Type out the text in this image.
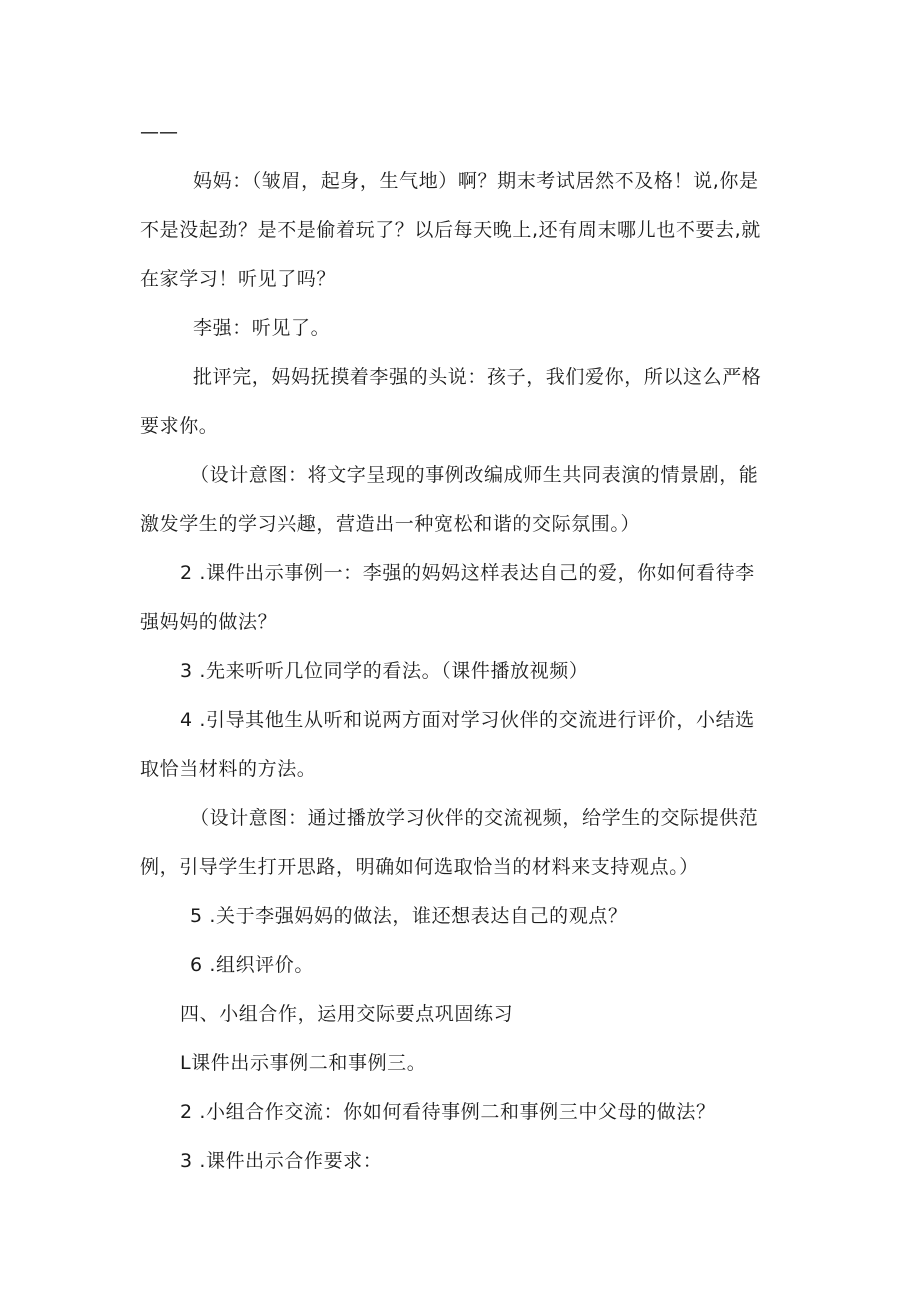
——
妈妈：（皱眉，起身，生气地）啊？期末考试居然不及格！说,你是
不是没起劲？是不是偷着玩了？以后每天晚上,还有周末哪儿也不要去,就
在家学习！听见了吗？
李强：听见了。
批评完，妈妈抚摸着李强的头说：孩子，我们爱你，所以这么严格
要求你。
（设计意图：将文字呈现的事例改编成师生共同表演的情景剧，能
激发学生的学习兴趣，营造出一种宽松和谐的交际氛围。）
2 .课件出示事例一：李强的妈妈这样表达自己的爱，你如何看待李
强妈妈的做法？
3 .先来听听几位同学的看法。（课件播放视频）
4 .引导其他生从听和说两方面对学习伙伴的交流进行评价，小结选
取恰当材料的方法。
（设计意图：通过播放学习伙伴的交流视频，给学生的交际提供范
例，引导学生打开思路，明确如何选取恰当的材料来支持观点。）
5 .关于李强妈妈的做法，谁还想表达自己的观点？
6 .组织评价。
四、小组合作，运用交际要点巩固练习
L课件出示事例二和事例三。
2 .小组合作交流：你如何看待事例二和事例三中父母的做法？
3 .课件出示合作要求：
